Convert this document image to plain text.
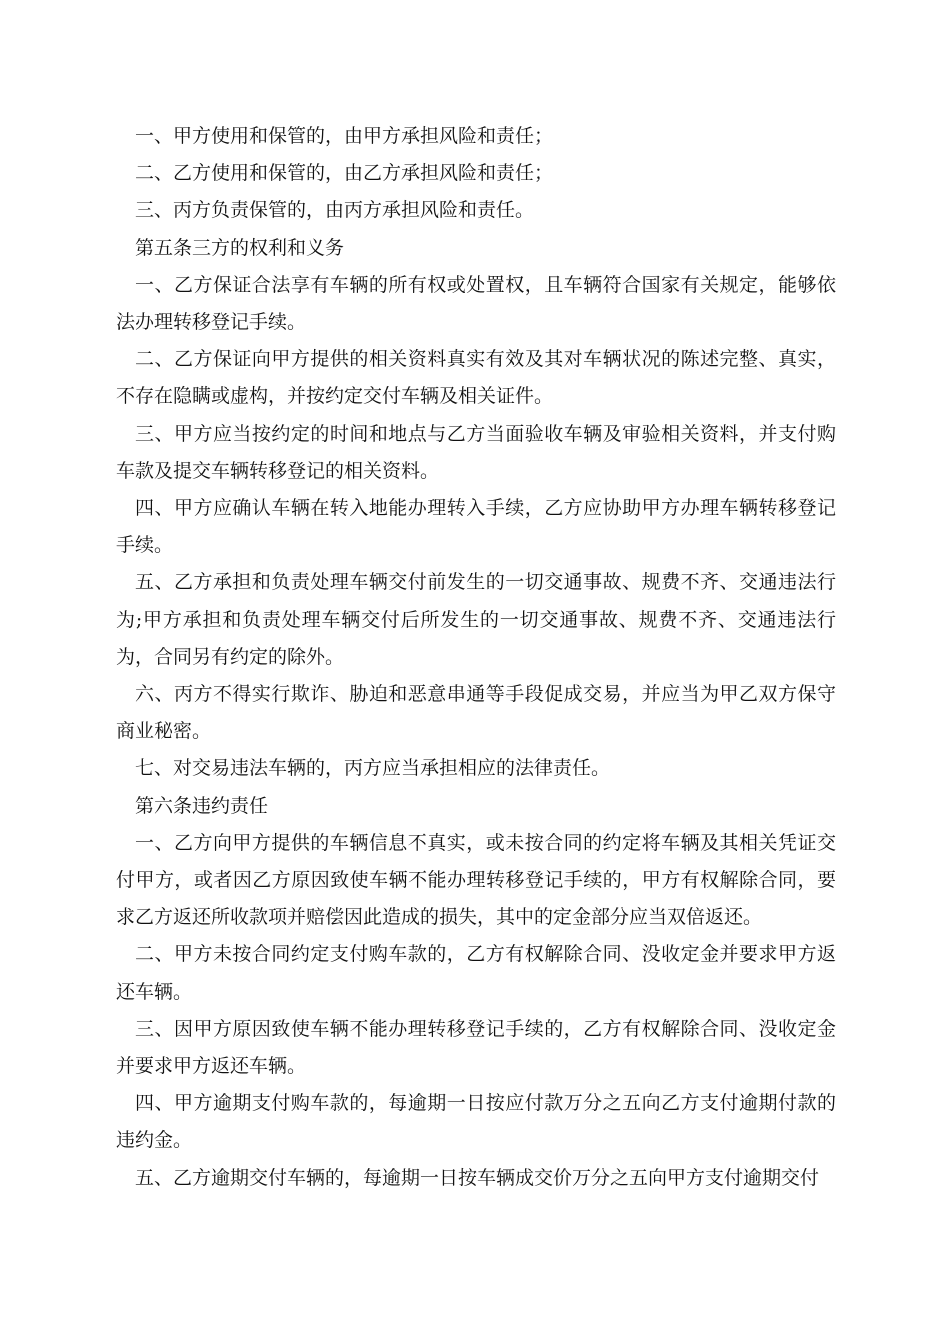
一、甲方使用和保管的，由甲方承担风险和责任；

二、乙方使用和保管的，由乙方承担风险和责任；

三、丙方负责保管的，由丙方承担风险和责任。

第五条三方的权利和义务

一、乙方保证合法享有车辆的所有权或处置权，且车辆符合国家有关规定，能够依法办理转移登记手续。

二、乙方保证向甲方提供的相关资料真实有效及其对车辆状况的陈述完整、真实，不存在隐瞒或虚构，并按约定交付车辆及相关证件。

三、甲方应当按约定的时间和地点与乙方当面验收车辆及审验相关资料，并支付购车款及提交车辆转移登记的相关资料。

四、甲方应确认车辆在转入地能办理转入手续，乙方应协助甲方办理车辆转移登记手续。

五、乙方承担和负责处理车辆交付前发生的一切交通事故、规费不齐、交通违法行为;甲方承担和负责处理车辆交付后所发生的一切交通事故、规费不齐、交通违法行为，合同另有约定的除外。

六、丙方不得实行欺诈、胁迫和恶意串通等手段促成交易，并应当为甲乙双方保守商业秘密。

七、对交易违法车辆的，丙方应当承担相应的法律责任。

第六条违约责任

一、乙方向甲方提供的车辆信息不真实，或未按合同的约定将车辆及其相关凭证交付甲方，或者因乙方原因致使车辆不能办理转移登记手续的，甲方有权解除合同，要求乙方返还所收款项并赔偿因此造成的损失，其中的定金部分应当双倍返还。

二、甲方未按合同约定支付购车款的，乙方有权解除合同、没收定金并要求甲方返还车辆。

三、因甲方原因致使车辆不能办理转移登记手续的，乙方有权解除合同、没收定金并要求甲方返还车辆。

四、甲方逾期支付购车款的，每逾期一日按应付款万分之五向乙方支付逾期付款的违约金。

五、乙方逾期交付车辆的，每逾期一日按车辆成交价万分之五向甲方支付逾期交付
